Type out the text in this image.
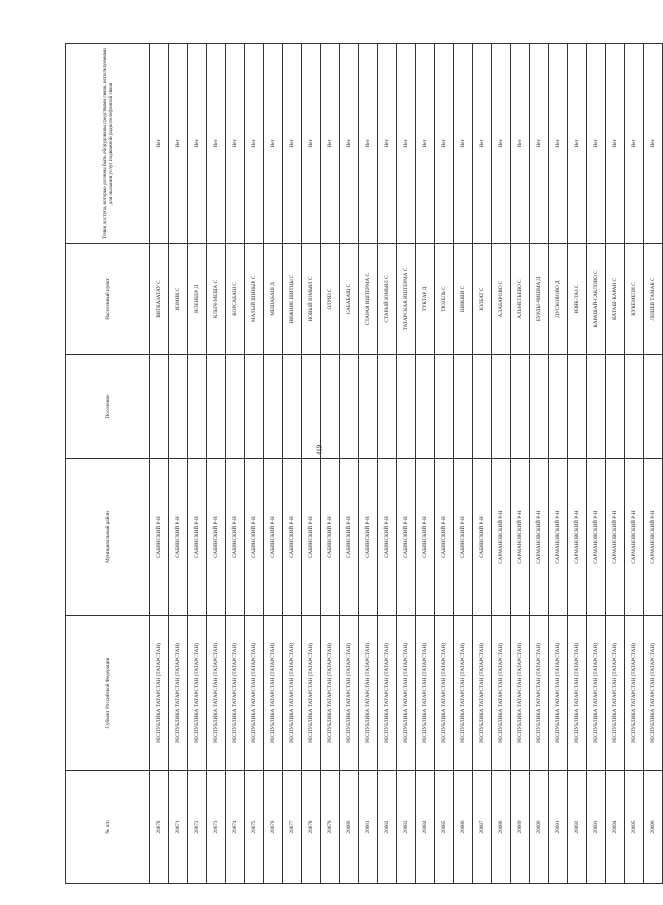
419
№ п/п	Субъект Российской Федерации	Муниципальный район	Поселение	Населенный пункт	Точки доступа, которые должны быть оборудованы средствами связи, используемыми для оказания услуг подвижной радиотелефонной связи
20670	РЕСПУБЛИКА ТАТАРСТАН (ТАТАРСТАН)	САБИНСКИЙ Р-Н		ВЯТКАЗАТАУ С	Нет
20671	РЕСПУБЛИКА ТАТАРСТАН (ТАТАРСТАН)	САБИНСКИЙ Р-Н		ИЗМЯК С	Нет
20672	РЕСПУБЛИКА ТАТАРСТАН (ТАТАРСТАН)	САБИНСКИЙ Р-Н		ИЛЕНБЕР Д	Нет
20673	РЕСПУБЛИКА ТАТАРСТАН (ТАТАРСТАН)	САБИНСКИЙ Р-Н		КЛЫЧ-МЕША С	Нет
20674	РЕСПУБЛИКА ТАТАРСТАН (ТАТАРСТАН)	САБИНСКИЙ Р-Н		КОРСАБАШ С	Нет
20675	РЕСПУБЛИКА ТАТАРСТАН (ТАТАРСТАН)	САБИНСКИЙ Р-Н		МАЛЫЙ ШИНЫР С	Нет
20676	РЕСПУБЛИКА ТАТАРСТАН (ТАТАРСТАН)	САБИНСКИЙ Р-Н		МЕШАБАШ Д	Нет
20677	РЕСПУБЛИКА ТАТАРСТАН (ТАТАРСТАН)	САБИНСКИЙ Р-Н		НИЖНИЕ ШИТЦЫ С	Нет
20678	РЕСПУБЛИКА ТАТАРСТАН (ТАТАРСТАН)	САБИНСКИЙ Р-Н		НОВЫЙ ЮМЬЯЛ С	Нет
20679	РЕСПУБЛИКА ТАТАРСТАН (ТАТАРСТАН)	САБИНСКИЙ Р-Н		ОЛУЯЗ С	Нет
20680	РЕСПУБЛИКА ТАТАРСТАН (ТАТАРСТАН)	САБИНСКИЙ Р-Н		САБАБАШ С	Нет
20681	РЕСПУБЛИКА ТАТАРСТАН (ТАТАРСТАН)	САБИНСКИЙ Р-Н		СТАРАЯ ИШТЕРМА С	Нет
20682	РЕСПУБЛИКА ТАТАРСТАН (ТАТАРСТАН)	САБИНСКИЙ Р-Н		СТАРЫЙ ЮМЬЯЛ С	Нет
20683	РЕСПУБЛИКА ТАТАРСТАН (ТАТАРСТАН)	САБИНСКИЙ Р-Н		ТАТАРСКАЯ ИШТЕРМА С	Нет
20684	РЕСПУБЛИКА ТАТАРСТАН (ТАТАРСТАН)	САБИНСКИЙ Р-Н		ТУКТАР Д	Нет
20685	РЕСПУБЛИКА ТАТАРСТАН (ТАТАРСТАН)	САБИНСКИЙ Р-Н		ТЮЗЕЛЬ С	Нет
20686	РЕСПУБЛИКА ТАТАРСТАН (ТАТАРСТАН)	САБИНСКИЙ Р-Н		ШИКШИ С	Нет
20687	РЕСПУБЛИКА ТАТАРСТАН (ТАТАРСТАН)	САБИНСКИЙ Р-Н		ЮЛБАТ С	Нет
20688	РЕСПУБЛИКА ТАТАРСТАН (ТАТАРСТАН)	САРМАНОВСКИЙ Р-Н		А.ЗАБАРОВО С	Нет
20689	РЕСПУБЛИКА ТАТАРСТАН (ТАТАРСТАН)	САРМАНОВСКИЙ Р-Н		АЛЬМЕТЬЕВО С	Нет
20690	РЕСПУБЛИКА ТАТАРСТАН (ТАТАРСТАН)	САРМАНОВСКИЙ Р-Н		БУРДЫ-ЧИШМА Д	Нет
20691	РЕСПУБЛИКА ТАТАРСТАН (ТАТАРСТАН)	САРМАНОВСКИЙ Р-Н		ДУСКОВОВО Д	Нет
20692	РЕСПУБЛИКА ТАТАРСТАН (ТАТАРСТАН)	САРМАНОВСКИЙ Р-Н		ИЗЯК-ТАЗ С	Нет
20693	РЕСПУБЛИКА ТАТАРСТАН (ТАТАРСТАН)	САРМАНОВСКИЙ Р-Н		КАРАШАЙ-САКЛОВО С	Нет
20694	РЕСПУБЛИКА ТАТАРСТАН (ТАТАРСТАН)	САРМАНОВСКИЙ Р-Н		КАТАШ-КАРАН С	Нет
20695	РЕСПУБЛИКА ТАТАРСТАН (ТАТАРСТАН)	САРМАНОВСКИЙ Р-Н		КУКЕМЕЛИ С	Нет
20696	РЕСПУБЛИКА ТАТАРСТАН (ТАТАРСТАН)	САРМАНОВСКИЙ Р-Н		ЛЕШЕВ ТАМАК С	Нет
